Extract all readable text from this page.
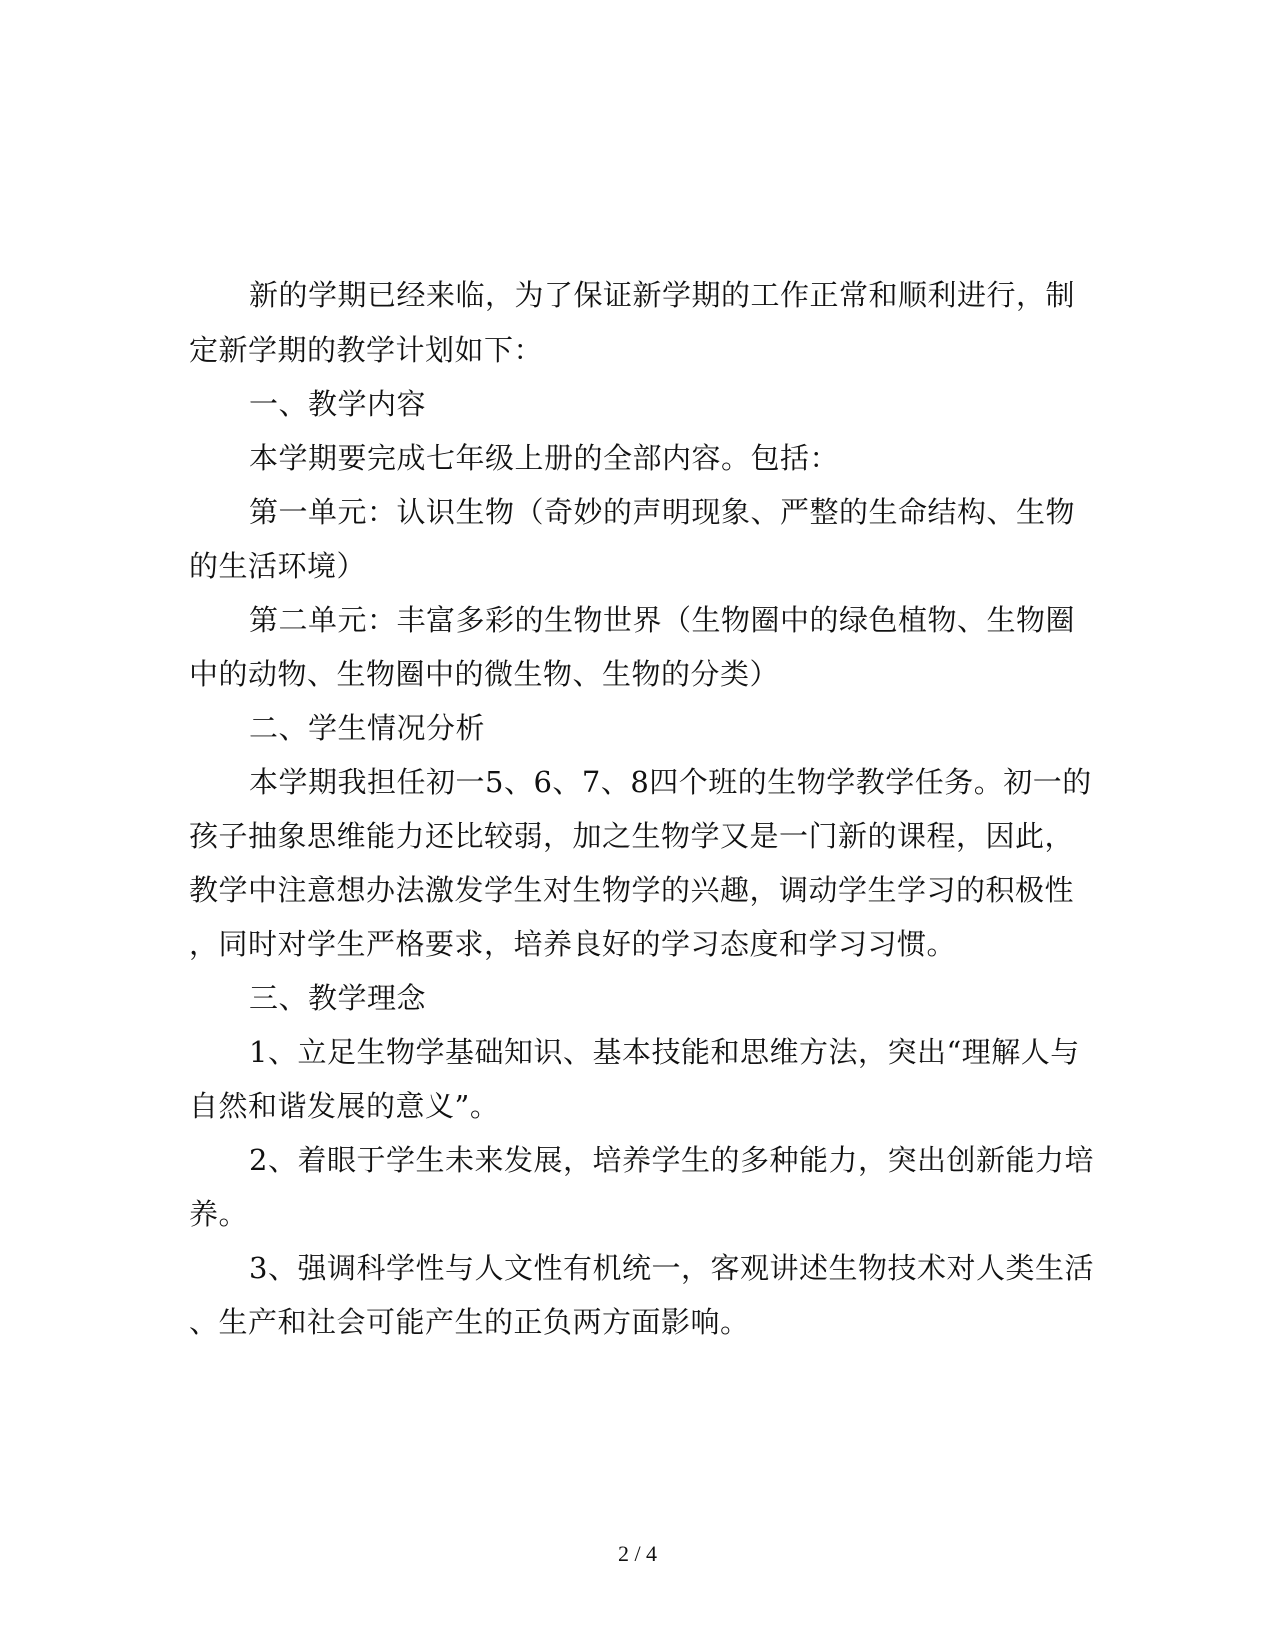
新的学期已经来临，为了保证新学期的工作正常和顺利进行，制
定新学期的教学计划如下：
一、教学内容
本学期要完成七年级上册的全部内容。包括：
第一单元：认识生物（奇妙的声明现象、严整的生命结构、生物
的生活环境）
第二单元：丰富多彩的生物世界（生物圈中的绿色植物、生物圈
中的动物、生物圈中的微生物、生物的分类）
二、学生情况分析
本学期我担任初一5、6、7、8四个班的生物学教学任务。初一的
孩子抽象思维能力还比较弱，加之生物学又是一门新的课程，因此，
教学中注意想办法激发学生对生物学的兴趣，调动学生学习的积极性
，同时对学生严格要求，培养良好的学习态度和学习习惯。
三、教学理念
1、立足生物学基础知识、基本技能和思维方法，突出“理解人与
自然和谐发展的意义”。
2、着眼于学生未来发展，培养学生的多种能力，突出创新能力培
养。
3、强调科学性与人文性有机统一，客观讲述生物技术对人类生活
、生产和社会可能产生的正负两方面影响。
2 / 4
